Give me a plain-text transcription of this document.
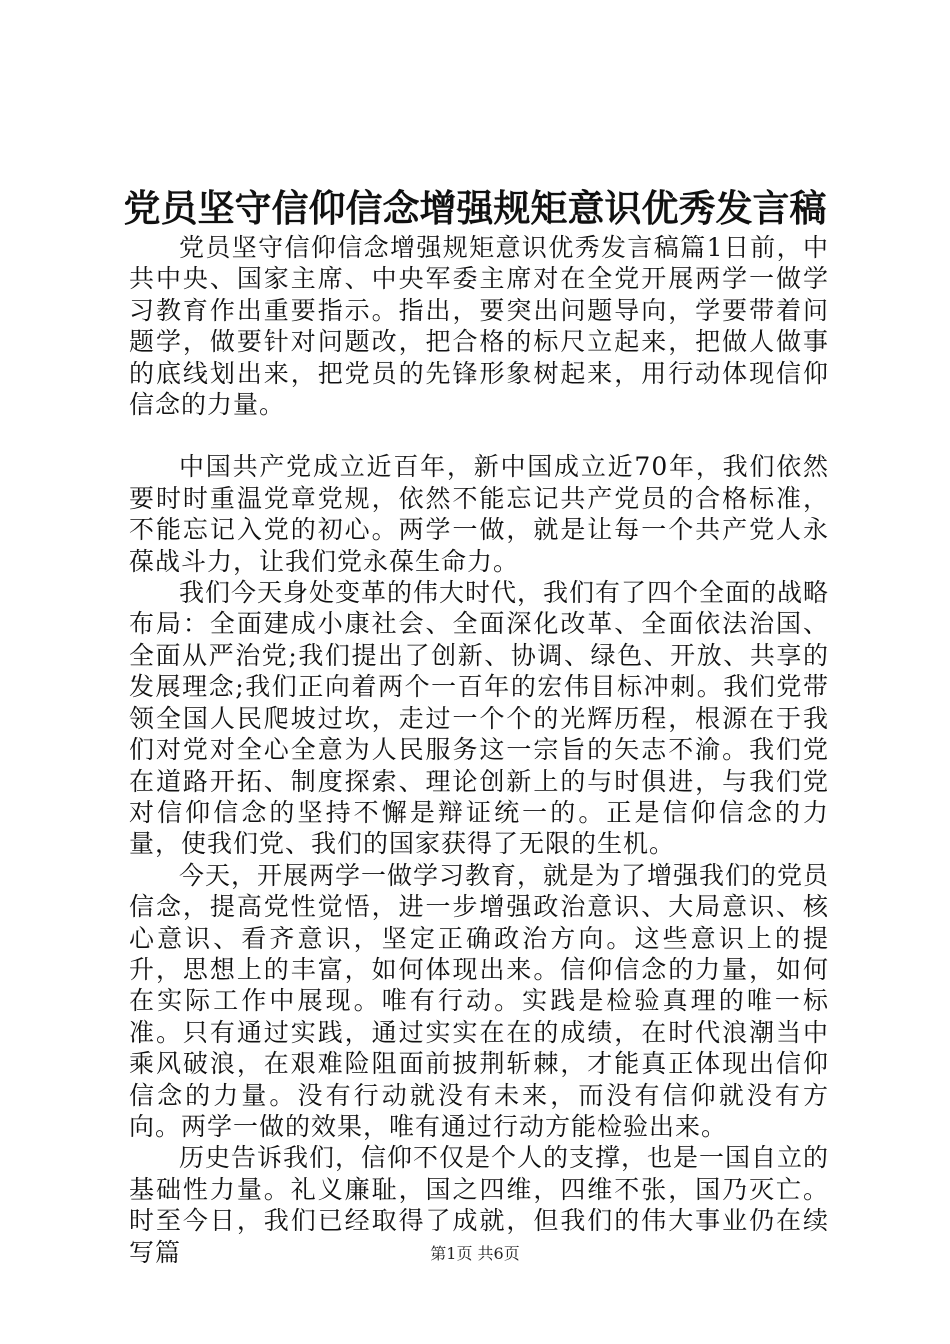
党员坚守信仰信念增强规矩意识优秀发言稿

党员坚守信仰信念增强规矩意识优秀发言稿篇1日前，中共中央、国家主席、中央军委主席对在全党开展两学一做学习教育作出重要指示。指出，要突出问题导向，学要带着问题学，做要针对问题改，把合格的标尺立起来，把做人做事的底线划出来，把党员的先锋形象树起来，用行动体现信仰信念的力量。

中国共产党成立近百年，新中国成立近70年，我们依然要时时重温党章党规，依然不能忘记共产党员的合格标准，不能忘记入党的初心。两学一做，就是让每一个共产党人永葆战斗力，让我们党永葆生命力。

我们今天身处变革的伟大时代，我们有了四个全面的战略布局：全面建成小康社会、全面深化改革、全面依法治国、全面从严治党;我们提出了创新、协调、绿色、开放、共享的发展理念;我们正向着两个一百年的宏伟目标冲刺。我们党带领全国人民爬坡过坎，走过一个个的光辉历程，根源在于我们对党对全心全意为人民服务这一宗旨的矢志不渝。我们党在道路开拓、制度探索、理论创新上的与时俱进，与我们党对信仰信念的坚持不懈是辩证统一的。正是信仰信念的力量，使我们党、我们的国家获得了无限的生机。

今天，开展两学一做学习教育，就是为了增强我们的党员信念，提高党性觉悟，进一步增强政治意识、大局意识、核心意识、看齐意识，坚定正确政治方向。这些意识上的提升，思想上的丰富，如何体现出来。信仰信念的力量，如何在实际工作中展现。唯有行动。实践是检验真理的唯一标准。只有通过实践，通过实实在在的成绩，在时代浪潮当中乘风破浪，在艰难险阻面前披荆斩棘，才能真正体现出信仰信念的力量。没有行动就没有未来，而没有信仰就没有方向。两学一做的效果，唯有通过行动方能检验出来。

历史告诉我们，信仰不仅是个人的支撑，也是一国自立的基础性力量。礼义廉耻，国之四维，四维不张，国乃灭亡。时至今日，我们已经取得了成就，但我们的伟大事业仍在续写篇	第1页 共6页
